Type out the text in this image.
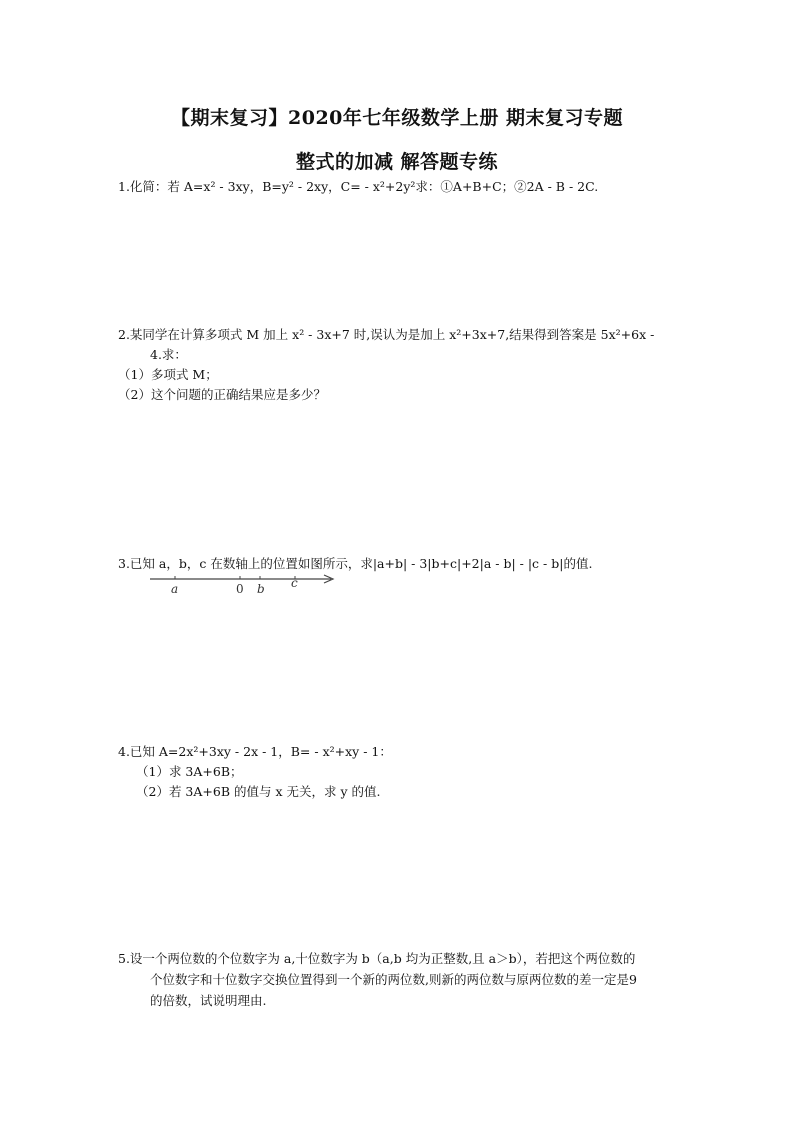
【期末复习】2020年七年级数学上册 期末复习专题
整式的加减 解答题专练
1.化简：若 A=x² - 3xy，B=y² - 2xy，C= - x²+2y²求：①A+B+C；②2A - B - 2C.
2.某同学在计算多项式 M 加上 x² - 3x+7 时,误认为是加上 x²+3x+7,结果得到答案是 5x²+6x -
4.求：
（1）多项式 M；
（2）这个问题的正确结果应是多少？
3.已知 a，b，c 在数轴上的位置如图所示，求|a+b| - 3|b+c|+2|a - b| - |c - b|的值.
a	0 b c
4.已知 A=2x²+3xy - 2x - 1，B= - x²+xy - 1：
（1）求 3A+6B；
（2）若 3A+6B 的值与 x 无关，求 y 的值.
5.设一个两位数的个位数字为 a,十位数字为 b（a,b 均为正整数,且 a＞b），若把这个两位数的
个位数字和十位数字交换位置得到一个新的两位数,则新的两位数与原两位数的差一定是9
的倍数，试说明理由.
